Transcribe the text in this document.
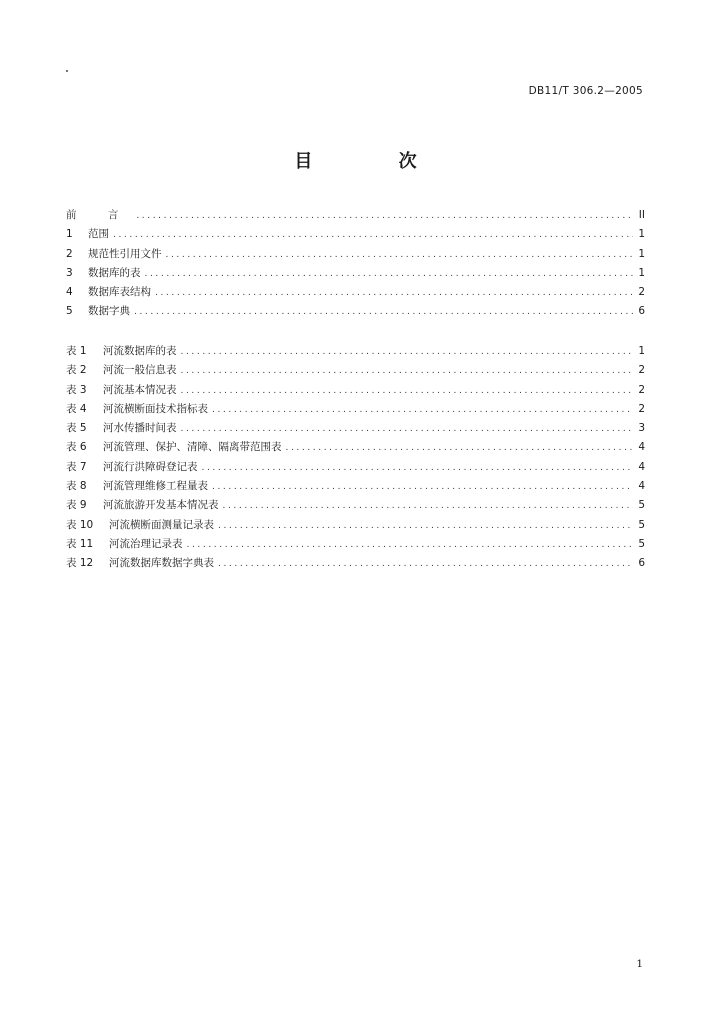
DB11/T 306.2—2005
目 次
前 言 .....	II
1	范围 .....	1
2	规范性引用文件 .....	1
3	数据库的表 .....	1
4	数据库表结构 .....	2
5	数据字典 .....	6
表 1	河流数据库的表 .....	1
表 2	河流一般信息表 .....	2
表 3	河流基本情况表 .....	2
表 4	河流横断面技术指标表 .....	2
表 5	河水传播时间表 .....	3
表 6	河流管理、保护、清障、隔离带范围表 .....	4
表 7	河流行洪障碍登记表 .....	4
表 8	河流管理维修工程量表 .....	4
表 9	河流旅游开发基本情况表 .....	5
表 10	河流横断面测量记录表 .....	5
表 11	河流治理记录表 .....	5
表 12	河流数据库数据字典表 .....	6
1
